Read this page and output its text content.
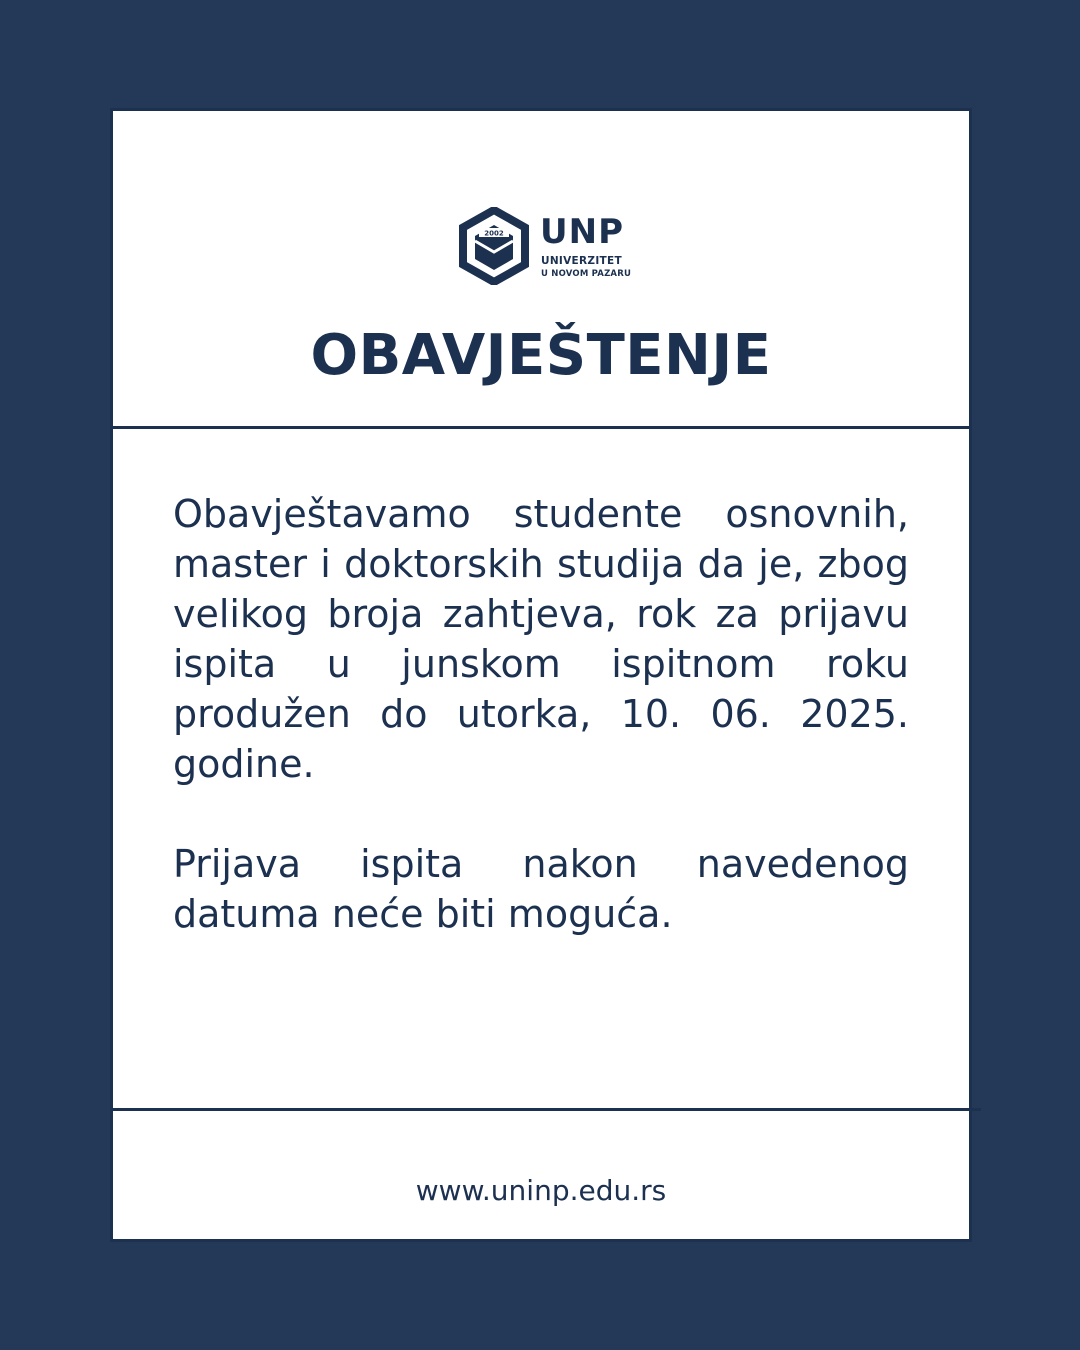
2002 UNP
UNIVERZITET
U NOVOM PAZARU
OBAVJEŠTENJE

Obavještavamo studente osnovnih, master i doktorskih studija da je, zbog velikog broja zahtjeva, rok za prijavu ispita u junskom ispitnom roku produžen do utorka, 10. 06. 2025. godine.

Prijava ispita nakon navedenog datuma neće biti moguća.

www.uninp.edu.rs
